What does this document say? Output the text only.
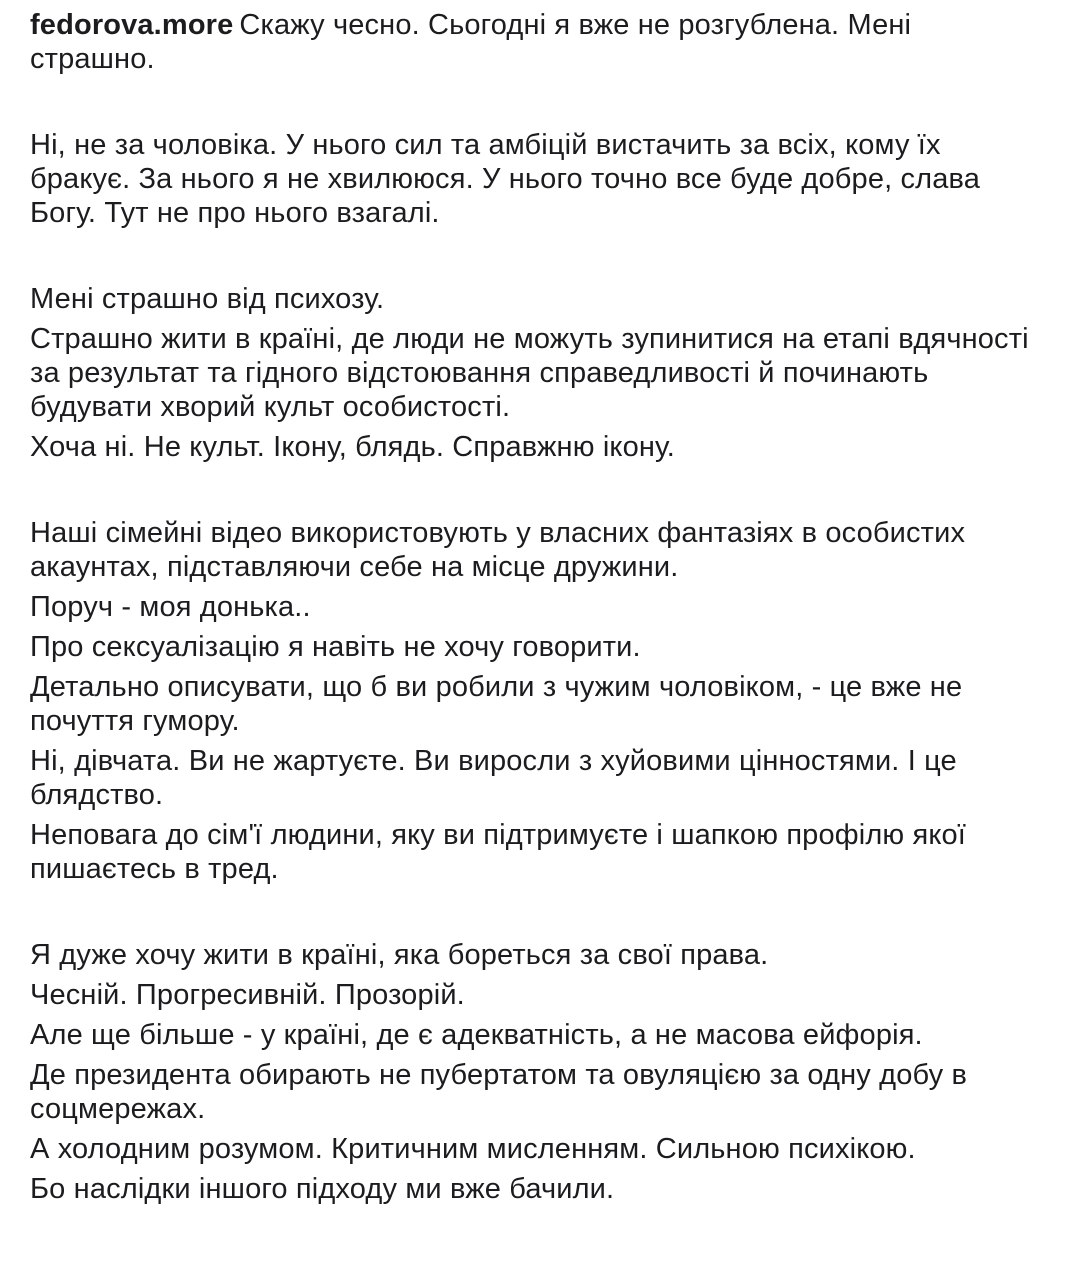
fedorova.more Скажу чесно. Сьогодні я вже не розгублена. Мені страшно.
Ні, не за чоловіка. У нього сил та амбіцій вистачить за всіх, кому їх бракує. За нього я не хвилююся. У нього точно все буде добре, слава Богу. Тут не про нього взагалі.
Мені страшно від психозу.
Страшно жити в країні, де люди не можуть зупинитися на етапі вдячності за результат та гідного відстоювання справедливості й починають будувати хворий культ особистості.
Хоча ні. Не культ. Ікону, блядь. Справжню ікону.
Наші сімейні відео використовують у власних фантазіях в особистих акаунтах, підставляючи себе на місце дружини.
Поруч - моя донька..
Про сексуалізацію я навіть не хочу говорити.
Детально описувати, що б ви робили з чужим чоловіком, - це вже не почуття гумору.
Ні, дівчата. Ви не жартуєте. Ви виросли з хуйовими цінностями. І це блядство.
Неповага до сім'ї людини, яку ви підтримуєте і шапкою профілю якої пишаєтесь в тред.
Я дуже хочу жити в країні, яка бореться за свої права.
Чесній. Прогресивній. Прозорій.
Але ще більше - у країні, де є адекватність, а не масова ейфорія.
Де президента обирають не пубертатом та овуляцією за одну добу в соцмережах.
А холодним розумом. Критичним мисленням. Сильною психікою.
Бо наслідки іншого підходу ми вже бачили.
